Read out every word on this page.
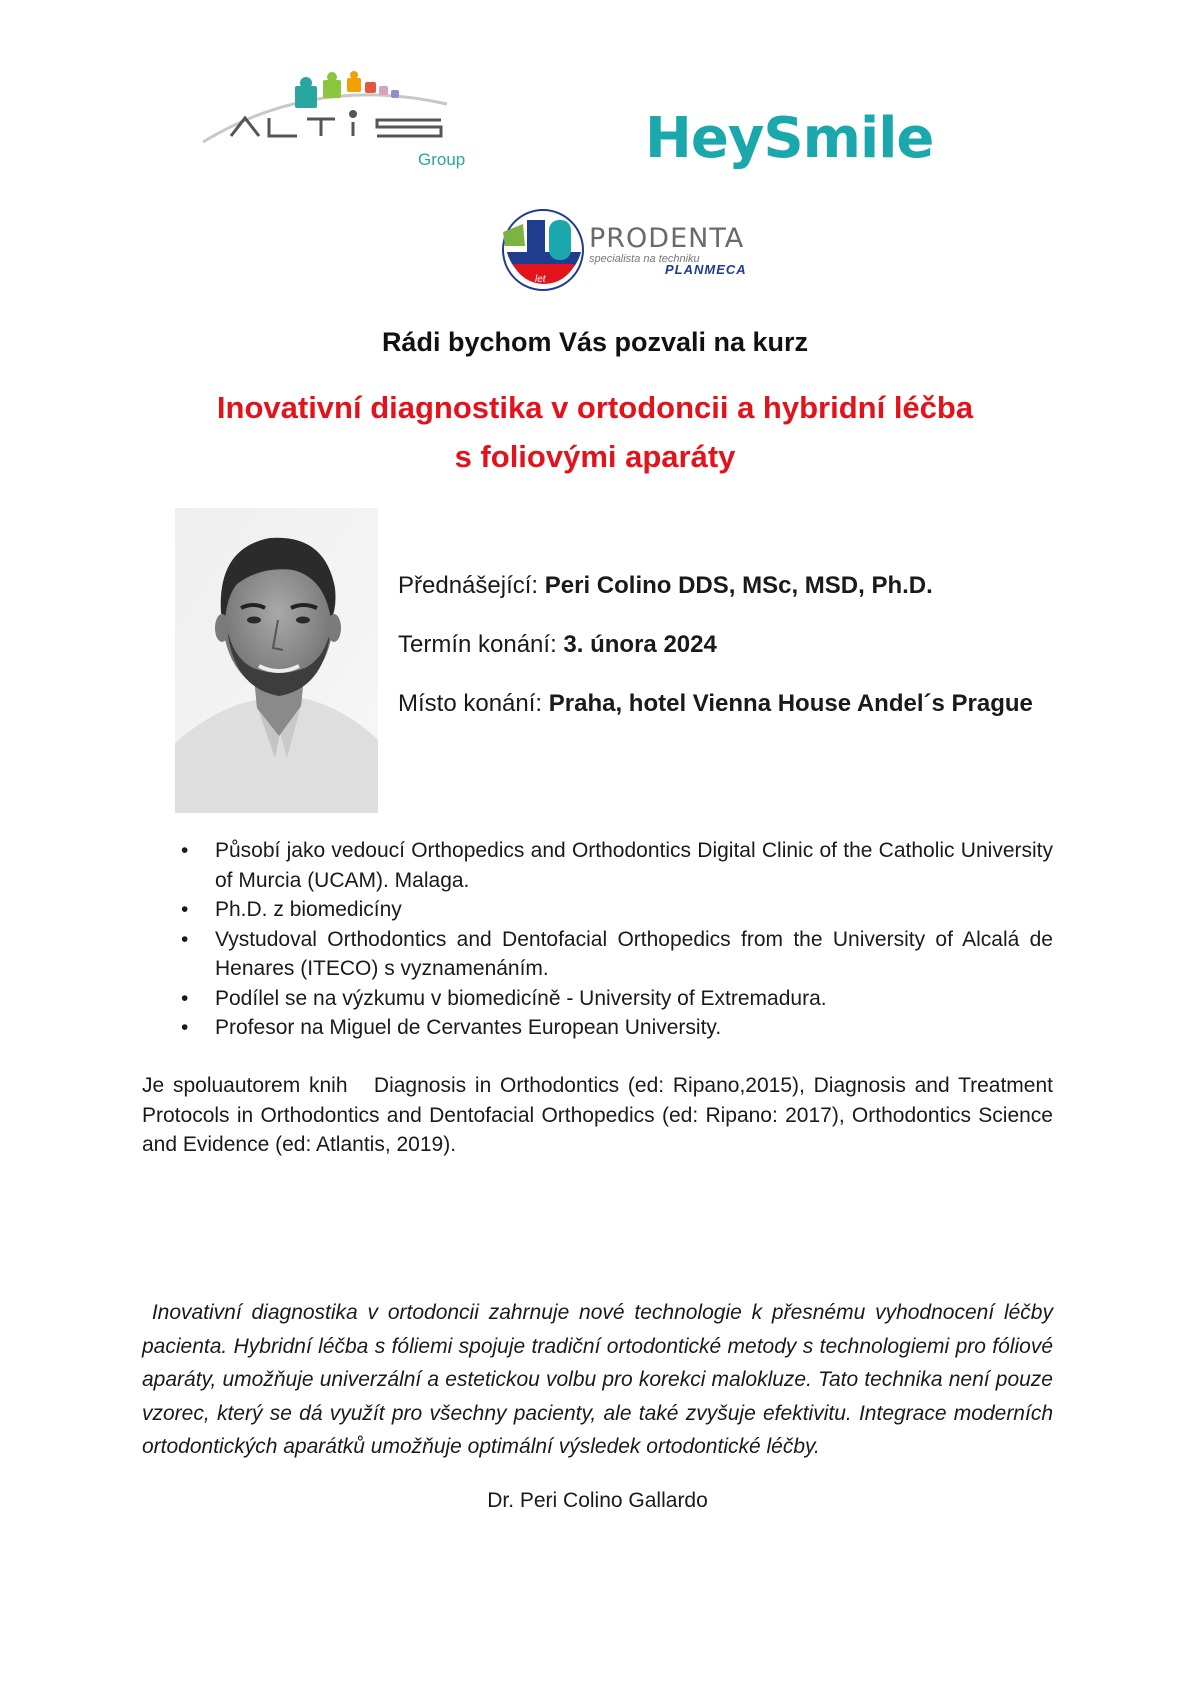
Group	HeySmile
let
PRODENTA
specialista na techniku
PLANMECA
Rádi bychom Vás pozvali na kurz
Inovativní diagnostika v ortodoncii a hybridní léčba
s foliovými aparáty
Přednášející: Peri Colino DDS, MSc, MSD, Ph.D.
Termín konání: 3. února 2024
Místo konání: Praha, hotel Vienna House Andel´s Prague
• Působí jako vedoucí Orthopedics and Orthodontics Digital Clinic of the Catholic University of Murcia (UCAM). Malaga.
• Ph.D. z biomedicíny
• Vystudoval Orthodontics and Dentofacial Orthopedics from the University of Alcalá de Henares (ITECO) s vyznamenáním.
• Podílel se na výzkumu v biomedicíně - University of Extremadura.
• Profesor na Miguel de Cervantes European University.
Je spoluautorem knih   Diagnosis in Orthodontics (ed: Ripano,2015), Diagnosis and Treatment Protocols in Orthodontics and Dentofacial Orthopedics (ed: Ripano: 2017), Orthodontics Science and Evidence (ed: Atlantis, 2019).
Inovativní diagnostika v ortodoncii zahrnuje nové technologie k přesnému vyhodnocení léčby pacienta. Hybridní léčba s fóliemi spojuje tradiční ortodontické metody s technologiemi pro fóliové aparáty, umožňuje univerzální a estetickou volbu pro korekci malokluze. Tato technika není pouze vzorec, který se dá využít pro všechny pacienty, ale také zvyšuje efektivitu. Integrace moderních ortodontických aparátků umožňuje optimální výsledek ortodontické léčby.
Dr. Peri Colino Gallardo
